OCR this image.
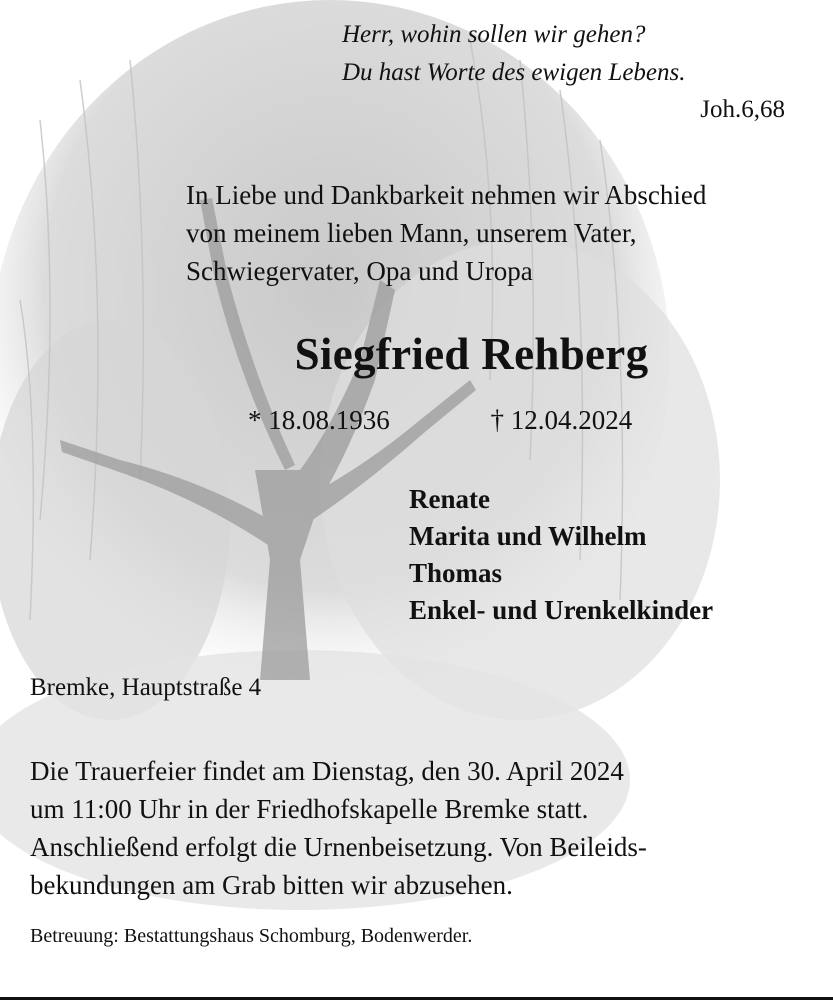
Herr, wohin sollen wir gehen?
Du hast Worte des ewigen Lebens.
Joh.6,68
In Liebe und Dankbarkeit nehmen wir Abschied
von meinem lieben Mann, unserem Vater,
Schwiegervater, Opa und Uropa
Siegfried Rehberg
* 18.08.1936	† 12.04.2024
Renate
Marita und Wilhelm
Thomas
Enkel- und Urenkelkinder
Bremke, Hauptstraße 4
Die Trauerfeier findet am Dienstag, den 30. April 2024
um 11:00 Uhr in der Friedhofskapelle Bremke statt.
Anschließend erfolgt die Urnenbeisetzung. Von Beileids-
bekundungen am Grab bitten wir abzusehen.
Betreuung: Bestattungshaus Schomburg, Bodenwerder.
